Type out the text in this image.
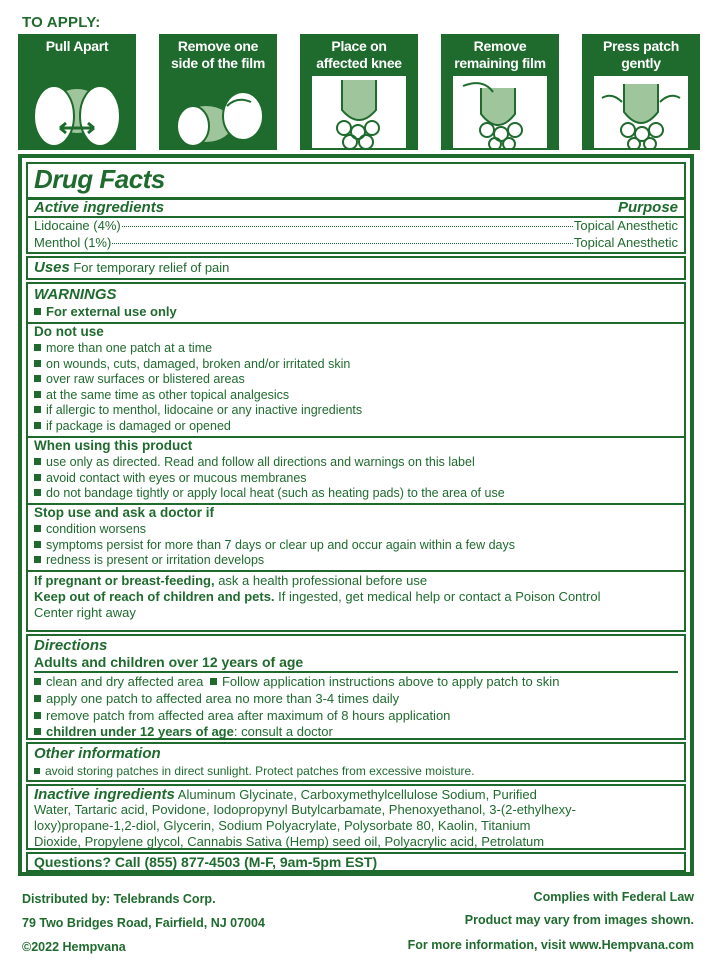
TO APPLY:
Pull Apart	Remove one
side of the film
Place on
affected knee
Remove
remaining film
Press patch
gently
Drug Facts
Active ingredients	Purpose
Lidocaine (4%)	Topical Anesthetic
Menthol (1%)	Topical Anesthetic
Uses For temporary relief of pain
WARNINGS
For external use only
Do not use
more than one patch at a time
on wounds, cuts, damaged, broken and/or irritated skin
over raw surfaces or blistered areas
at the same time as other topical analgesics
if allergic to menthol, lidocaine or any inactive ingredients
if package is damaged or opened
When using this product
use only as directed. Read and follow all directions and warnings on this label
avoid contact with eyes or mucous membranes
do not bandage tightly or apply local heat (such as heating pads) to the area of use
Stop use and ask a doctor if
condition worsens
symptoms persist for more than 7 days or clear up and occur again within a few days
redness is present or irritation develops
If pregnant or breast-feeding, ask a health professional before use
Keep out of reach of children and pets. If ingested, get medical help or contact a Poison Control
Center right away
Directions
Adults and children over 12 years of age
clean and dry affected area Follow application instructions above to apply patch to skin
apply one patch to affected area no more than 3-4 times daily
remove patch from affected area after maximum of 8 hours application
children under 12 years of age: consult a doctor
Other information
avoid storing patches in direct sunlight. Protect patches from excessive moisture.
Inactive ingredients Aluminum Glycinate, Carboxymethylcellulose Sodium, Purified
Water, Tartaric acid, Povidone, Iodopropynyl Butylcarbamate, Phenoxyethanol, 3-(2-ethylhexy-
loxy)propane-1,2-diol, Glycerin, Sodium Polyacrylate, Polysorbate 80, Kaolin, Titanium
Dioxide, Propylene glycol, Cannabis Sativa (Hemp) seed oil, Polyacrylic acid, Petrolatum
Questions? Call (855) 877-4503 (M-F, 9am-5pm EST)
Distributed by: Telebrands Corp.
79 Two Bridges Road, Fairfield, NJ 07004
©2022 Hempvana
Complies with Federal Law
Product may vary from images shown.
For more information, visit www.Hempvana.com
